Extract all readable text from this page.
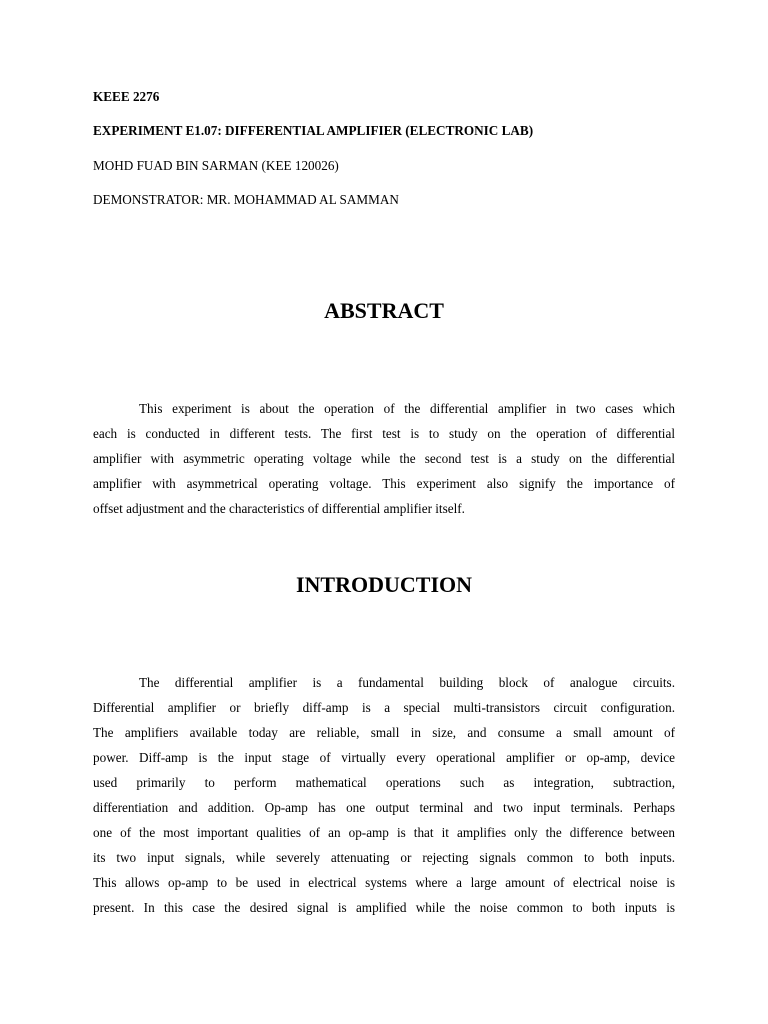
KEEE 2276
EXPERIMENT E1.07: DIFFERENTIAL AMPLIFIER (ELECTRONIC LAB)
MOHD FUAD BIN SARMAN (KEE 120026)
DEMONSTRATOR: MR. MOHAMMAD AL SAMMAN
ABSTRACT
This experiment is about the operation of the differential amplifier in two cases which
each is conducted in different tests. The first test is to study on the operation of differential
amplifier with asymmetric operating voltage while the second test is a study on the differential
amplifier with asymmetrical operating voltage. This experiment also signify the importance of
offset adjustment and the characteristics of differential amplifier itself.
INTRODUCTION
The differential amplifier is a fundamental building block of analogue circuits.
Differential amplifier or briefly diff-amp is a special multi-transistors circuit configuration.
The amplifiers available today are reliable, small in size, and consume a small amount of
power. Diff-amp is the input stage of virtually every operational amplifier or op-amp, device
used primarily to perform mathematical operations such as integration, subtraction,
differentiation and addition. Op-amp has one output terminal and two input terminals. Perhaps
one of the most important qualities of an op-amp is that it amplifies only the difference between
its two input signals, while severely attenuating or rejecting signals common to both inputs.
This allows op-amp to be used in electrical systems where a large amount of electrical noise is
present. In this case the desired signal is amplified while the noise common to both inputs is
